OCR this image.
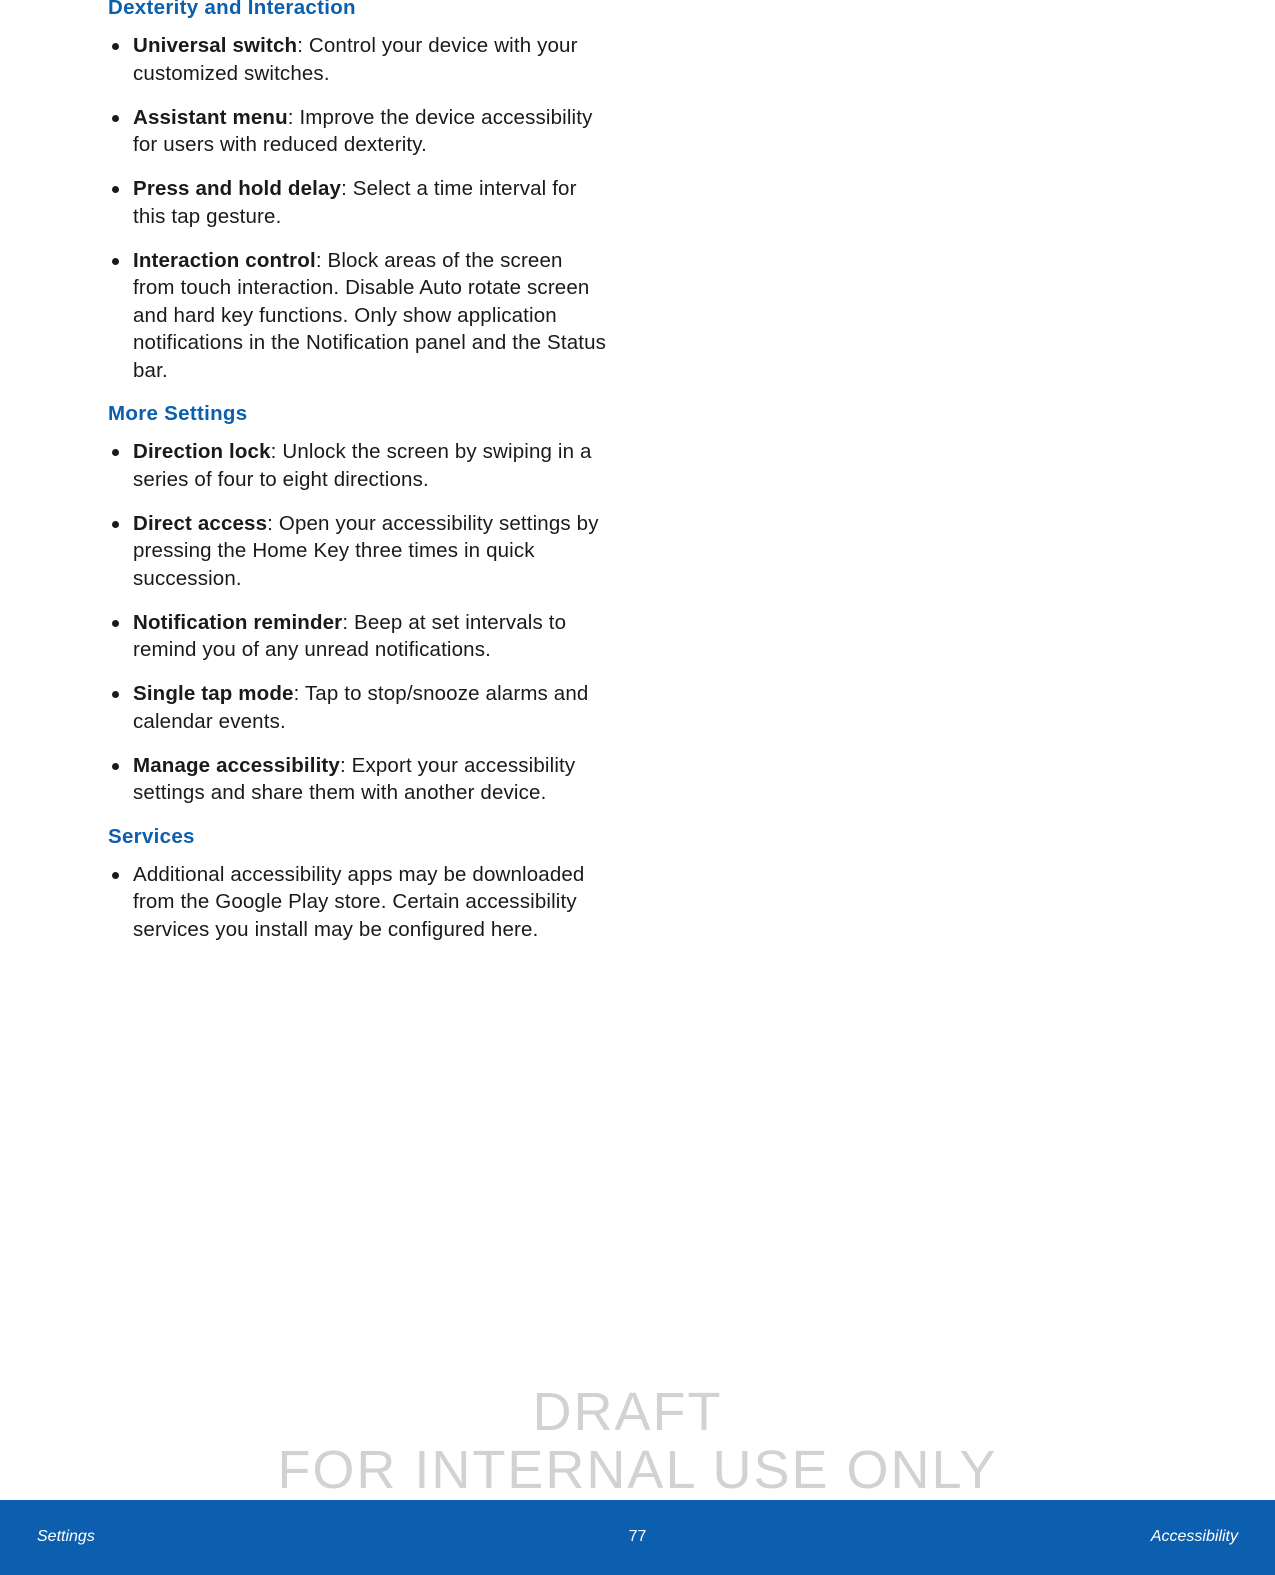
Dexterity and Interaction
Universal switch: Control your device with your customized switches.
Assistant menu: Improve the device accessibility for users with reduced dexterity.
Press and hold delay: Select a time interval for this tap gesture.
Interaction control: Block areas of the screen from touch interaction. Disable Auto rotate screen and hard key functions. Only show application notifications in the Notification panel and the Status bar.
More Settings
Direction lock: Unlock the screen by swiping in a series of four to eight directions.
Direct access: Open your accessibility settings by pressing the Home Key three times in quick succession.
Notification reminder: Beep at set intervals to remind you of any unread notifications.
Single tap mode: Tap to stop/snooze alarms and calendar events.
Manage accessibility: Export your accessibility settings and share them with another device.
Services
Additional accessibility apps may be downloaded from the Google Play store. Certain accessibility services you install may be configured here.
DRAFT
FOR INTERNAL USE ONLY
Settings	77	Accessibility
